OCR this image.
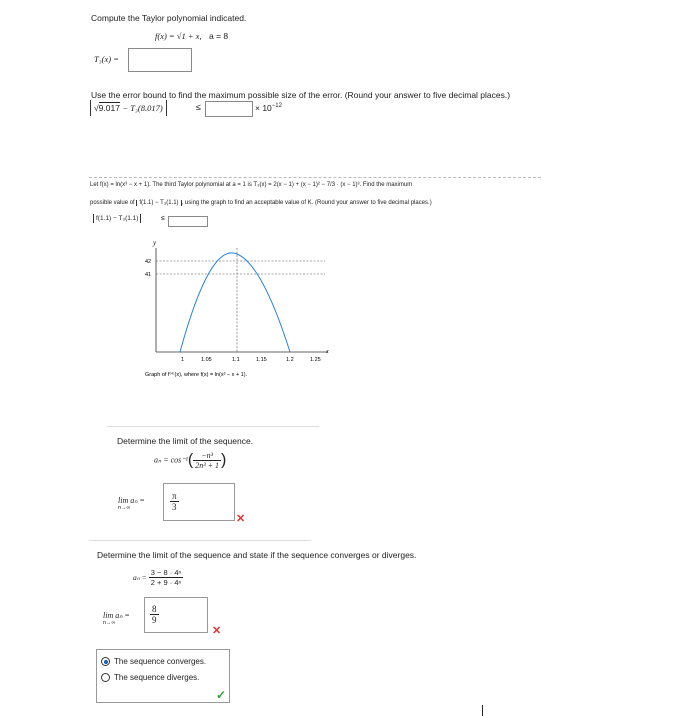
Compute the Taylor polynomial indicated.
f(x) = √1 + x, a = 8
T₃(x) =
Use the error bound to find the maximum possible size of the error. (Round your answer to five decimal places.)
√9.017 − T₃(8.017)	≤	× $10^{-12}$
Let f(x) = ln(x³ − x + 1). The third Taylor polynomial at a = 1 is T₃(x) = 2(x − 1) + (x − 1)² − 7/3 · (x − 1)³. Find the maximum
possible value of f(1.1) − T₃(1.1) , using the graph to find an acceptable value of K. (Round your answer to five decimal places.)
f(1.1) − T₃(1.1)	≤
y
42
41
1	1.05	1.1	1.15	1.2	1.25
x
Graph of f⁽⁴⁾(x), where f(x) = ln(x³ − x + 1).
Determine the limit of the sequence.
$a_n = \cos^{-1}( \frac{\text{−n³}}{\text{2n³ + 1}}$ )
lim aₙ =
n→∞	$\frac{\pi}{3}$
✕
Determine the limit of the sequence and state if the sequence converges or diverges.
$a_n = \frac{\text{3 − 8 · 4ⁿ}}{\text{2 + 9 · 4ⁿ}}$
lim aₙ =
n→∞	$\frac{8}{9}$
✕
The sequence converges.
The sequence diverges.
✓
